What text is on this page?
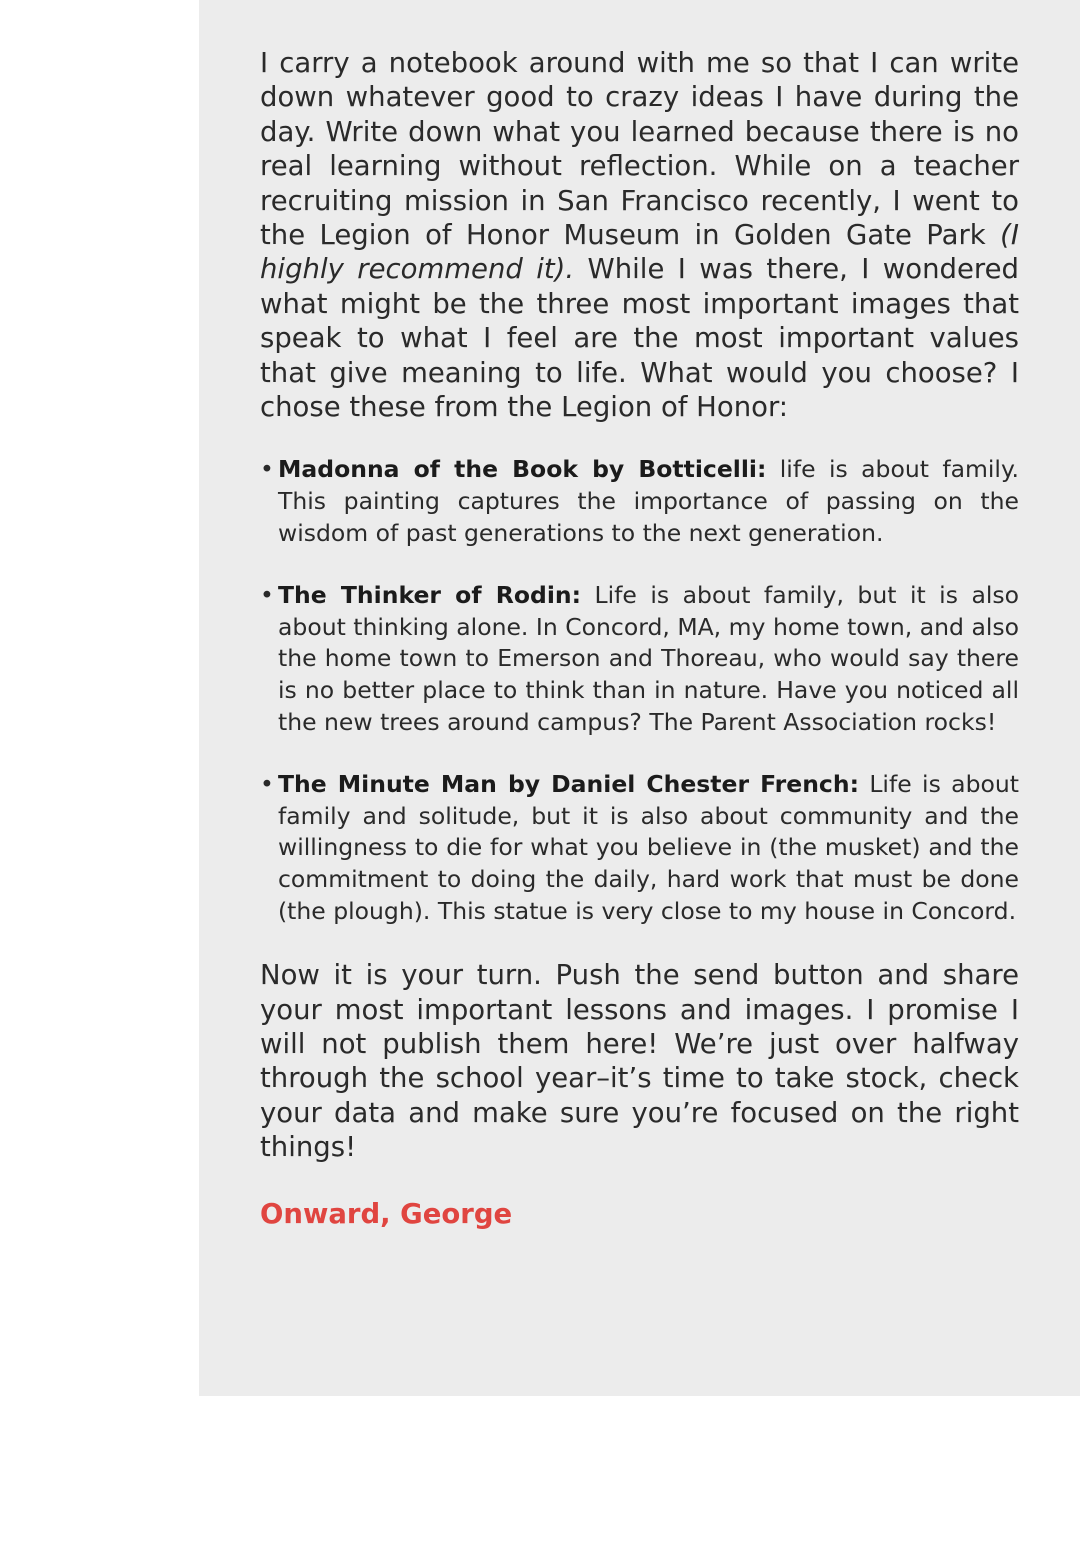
I carry a notebook around with me so that I can write down whatever good to crazy ideas I have during the day. Write down what you learned because there is no real learning without reflection. While on a teacher recruiting mission in San Francisco recently, I went to the Legion of Honor Museum in Golden Gate Park (I highly recommend it). While I was there, I wondered what might be the three most important images that speak to what I feel are the most important values that give meaning to life. What would you choose? I chose these from the Legion of Honor:

• Madonna of the Book by Botticelli: life is about family. This painting captures the importance of passing on the wisdom of past generations to the next generation.
• The Thinker of Rodin: Life is about family, but it is also about thinking alone. In Concord, MA, my home town, and also the home town to Emerson and Thoreau, who would say there is no better place to think than in nature. Have you noticed all the new trees around campus? The Parent Association rocks!
• The Minute Man by Daniel Chester French: Life is about family and solitude, but it is also about community and the willingness to die for what you believe in (the musket) and the commitment to doing the daily, hard work that must be done (the plough). This statue is very close to my house in Concord.

Now it is your turn. Push the send button and share your most important lessons and images. I promise I will not publish them here! We’re just over halfway through the school year–it’s time to take stock, check your data and make sure you’re focused on the right things!

Onward, George
